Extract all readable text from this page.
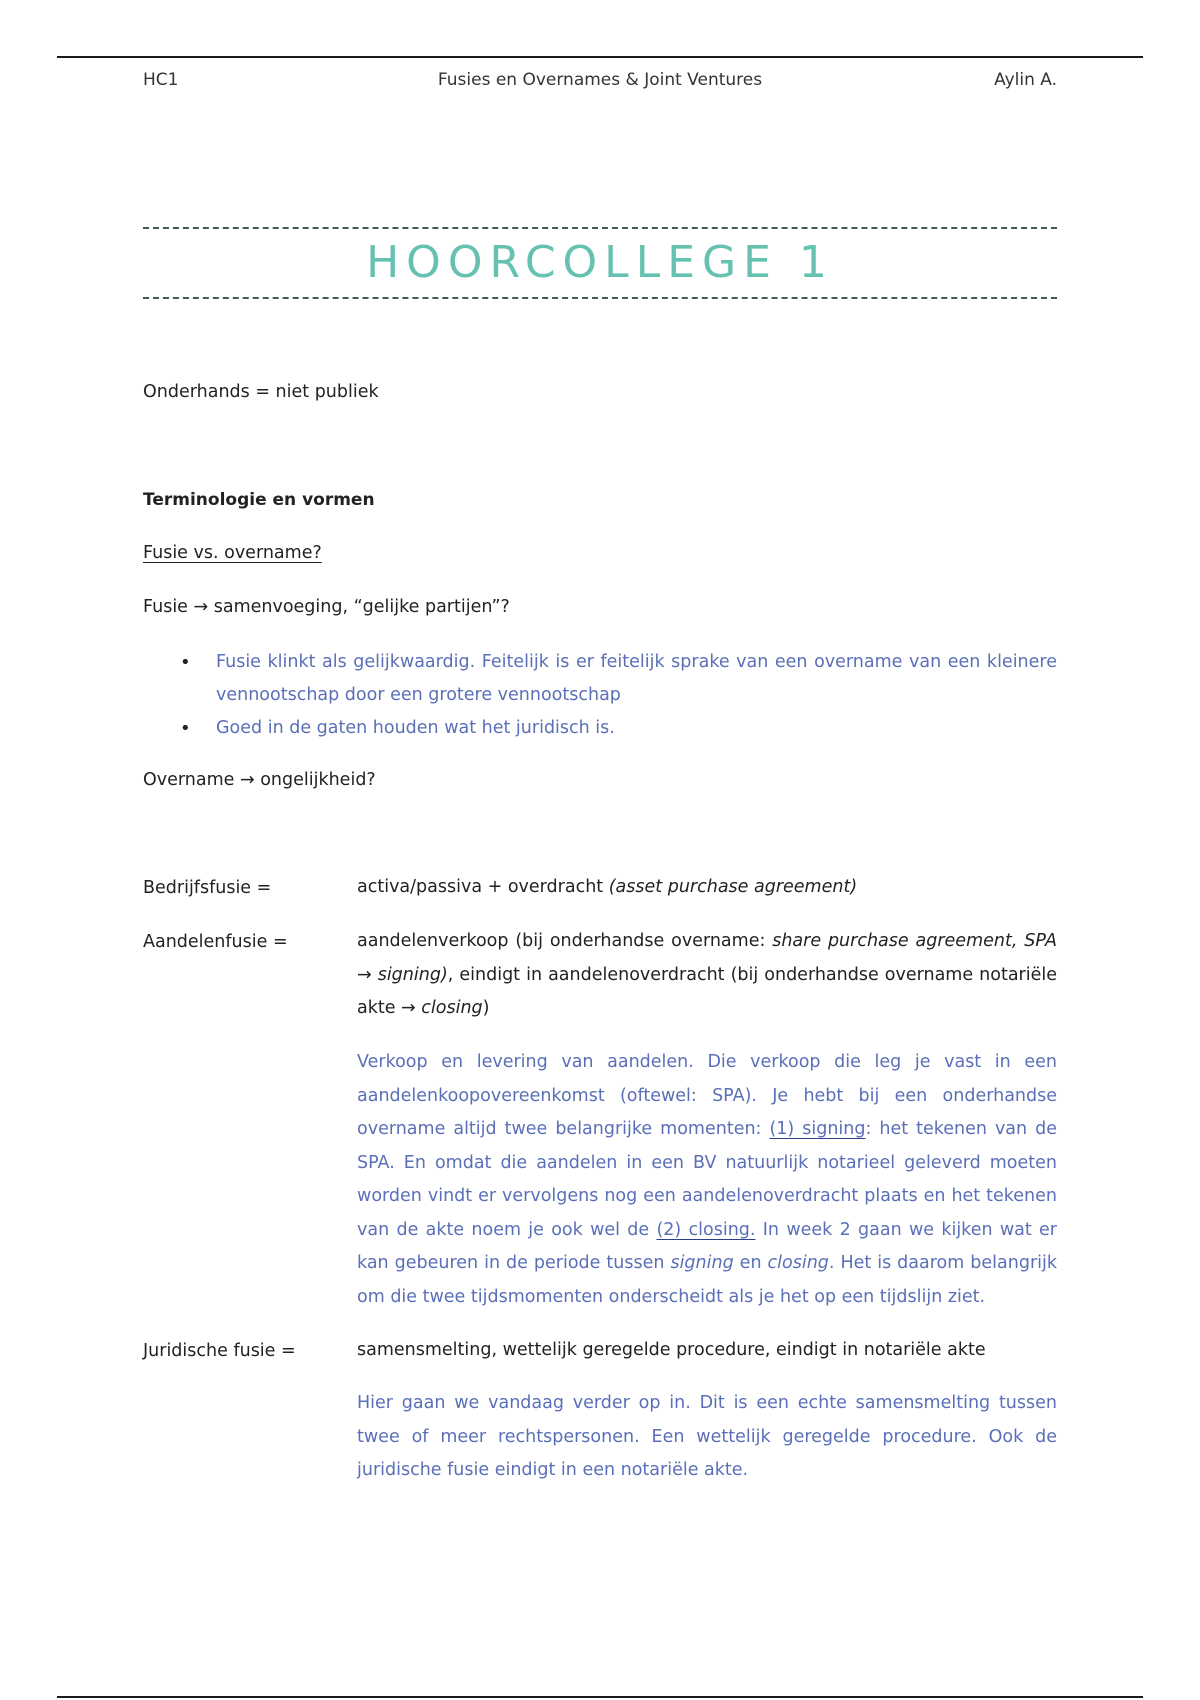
HC1	Fusies en Overnames & Joint Ventures	Aylin A.
HOORCOLLEGE 1
Onderhands = niet publiek
Terminologie en vormen
Fusie vs. overname?
Fusie → samenvoeging, “gelijke partijen”?
• Fusie klinkt als gelijkwaardig. Feitelijk is er feitelijk sprake van een overname van een kleinere vennootschap door een grotere vennootschap
• Goed in de gaten houden wat het juridisch is.
Overname → ongelijkheid?
Bedrijfsfusie =	activa/passiva + overdracht (asset purchase agreement)
Aandelenfusie =	aandelenverkoop (bij onderhandse overname: share purchase agreement, SPA → signing), eindigt in aandelenoverdracht (bij onderhandse overname notariële akte → closing)
Verkoop en levering van aandelen. Die verkoop die leg je vast in een aandelenkoopovereenkomst (oftewel: SPA). Je hebt bij een onderhandse overname altijd twee belangrijke momenten: (1) signing: het tekenen van de SPA. En omdat die aandelen in een BV natuurlijk notarieel geleverd moeten worden vindt er vervolgens nog een aandelenoverdracht plaats en het tekenen van de akte noem je ook wel de (2) closing. In week 2 gaan we kijken wat er kan gebeuren in de periode tussen signing en closing. Het is daarom belangrijk om die twee tijdsmomenten onderscheidt als je het op een tijdslijn ziet.
Juridische fusie =	samensmelting, wettelijk geregelde procedure, eindigt in notariële akte
Hier gaan we vandaag verder op in. Dit is een echte samensmelting tussen twee of meer rechtspersonen. Een wettelijk geregelde procedure. Ook de juridische fusie eindigt in een notariële akte.
